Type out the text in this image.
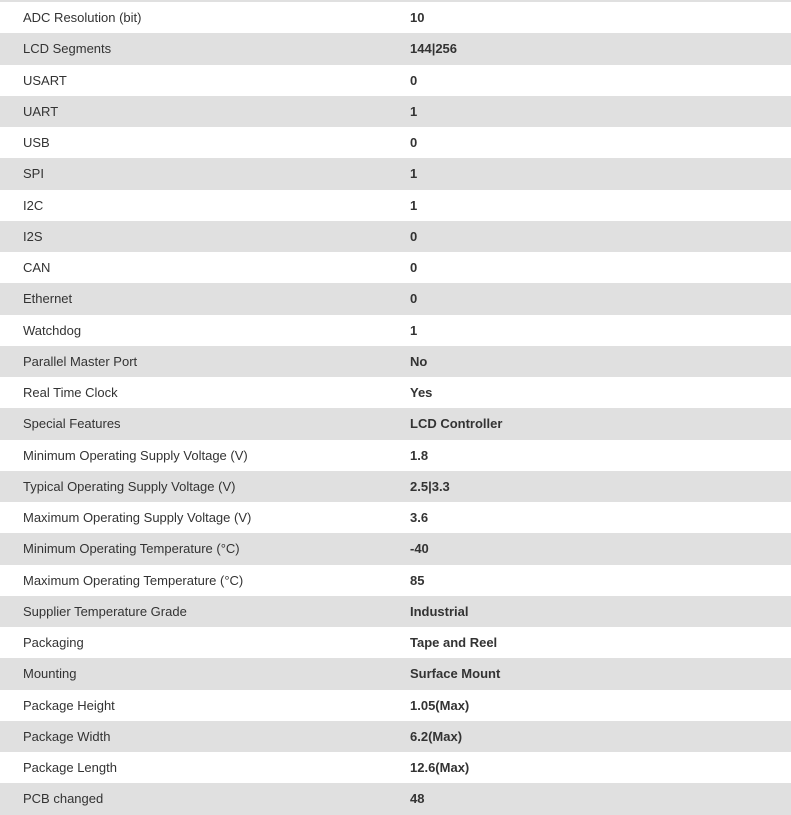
ADC Resolution (bit)	10
LCD Segments	144|256
USART	0
UART	1
USB	0
SPI	1
I2C	1
I2S	0
CAN	0
Ethernet	0
Watchdog	1
Parallel Master Port	No
Real Time Clock	Yes
Special Features	LCD Controller
Minimum Operating Supply Voltage (V)	1.8
Typical Operating Supply Voltage (V)	2.5|3.3
Maximum Operating Supply Voltage (V)	3.6
Minimum Operating Temperature (°C)	-40
Maximum Operating Temperature (°C)	85
Supplier Temperature Grade	Industrial
Packaging	Tape and Reel
Mounting	Surface Mount
Package Height	1.05(Max)
Package Width	6.2(Max)
Package Length	12.6(Max)
PCB changed	48
